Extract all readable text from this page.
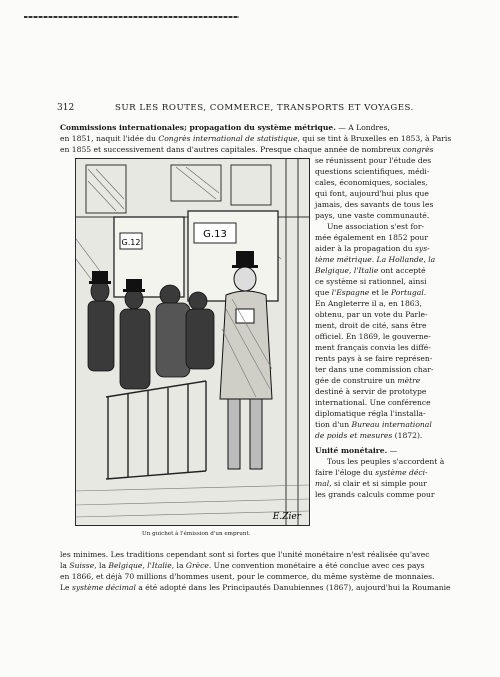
312	SUR LES ROUTES, COMMERCE, TRANSPORTS ET VOYAGES.
G.12
G.13
E.Zier
Un guichet à l'émission d'un emprunt.
Commissions internationales; propagation du système métrique. — A Londres,
en 1851, naquit l'idée du Congrès international de statistique, qui se tint à Bruxelles en 1853, à Paris
en 1855 et successivement dans d'autres capitales. Presque chaque année de nombreux congrès
se réunissent pour l'étude des
questions scientifiques, médi-
cales, économiques, sociales,
qui font, aujourd'hui plus que
jamais, des savants de tous les
pays, une vaste communauté.
Une association s'est for-
mée également en 1852 pour
aider à la propagation du sys-
tème métrique. La Hollande, la
Belgique, l'Italie ont accepté
ce système si rationnel, ainsi
que l'Espagne et le Portugal.
En Angleterre il a, en 1863,
obtenu, par un vote du Parle-
ment, droit de cité, sans être
officiel. En 1869, le gouverne-
ment français convia les diffé-
rents pays à se faire représen-
ter dans une commission char-
gée de construire un mètre
destiné à servir de prototype
international. Une conférence
diplomatique régla l'installa-
tion d'un Bureau international
de poids et mesures (1872).
Unité monétaire. —
Tous les peuples s'accordent à
faire l'éloge du système déci-
mal, si clair et si simple pour
les grands calculs comme pour
les minimes. Les traditions cependant sont si fortes que l'unité monétaire n'est réalisée qu'avec
la Suisse, la Belgique, l'Italie, la Grèce. Une convention monétaire a été conclue avec ces pays
en 1866, et déjà 70 millions d'hommes usent, pour le commerce, du même système de monnaies.
Le système décimal a été adopté dans les Principautés Danubiennes (1867), aujourd'hui la Roumanie
